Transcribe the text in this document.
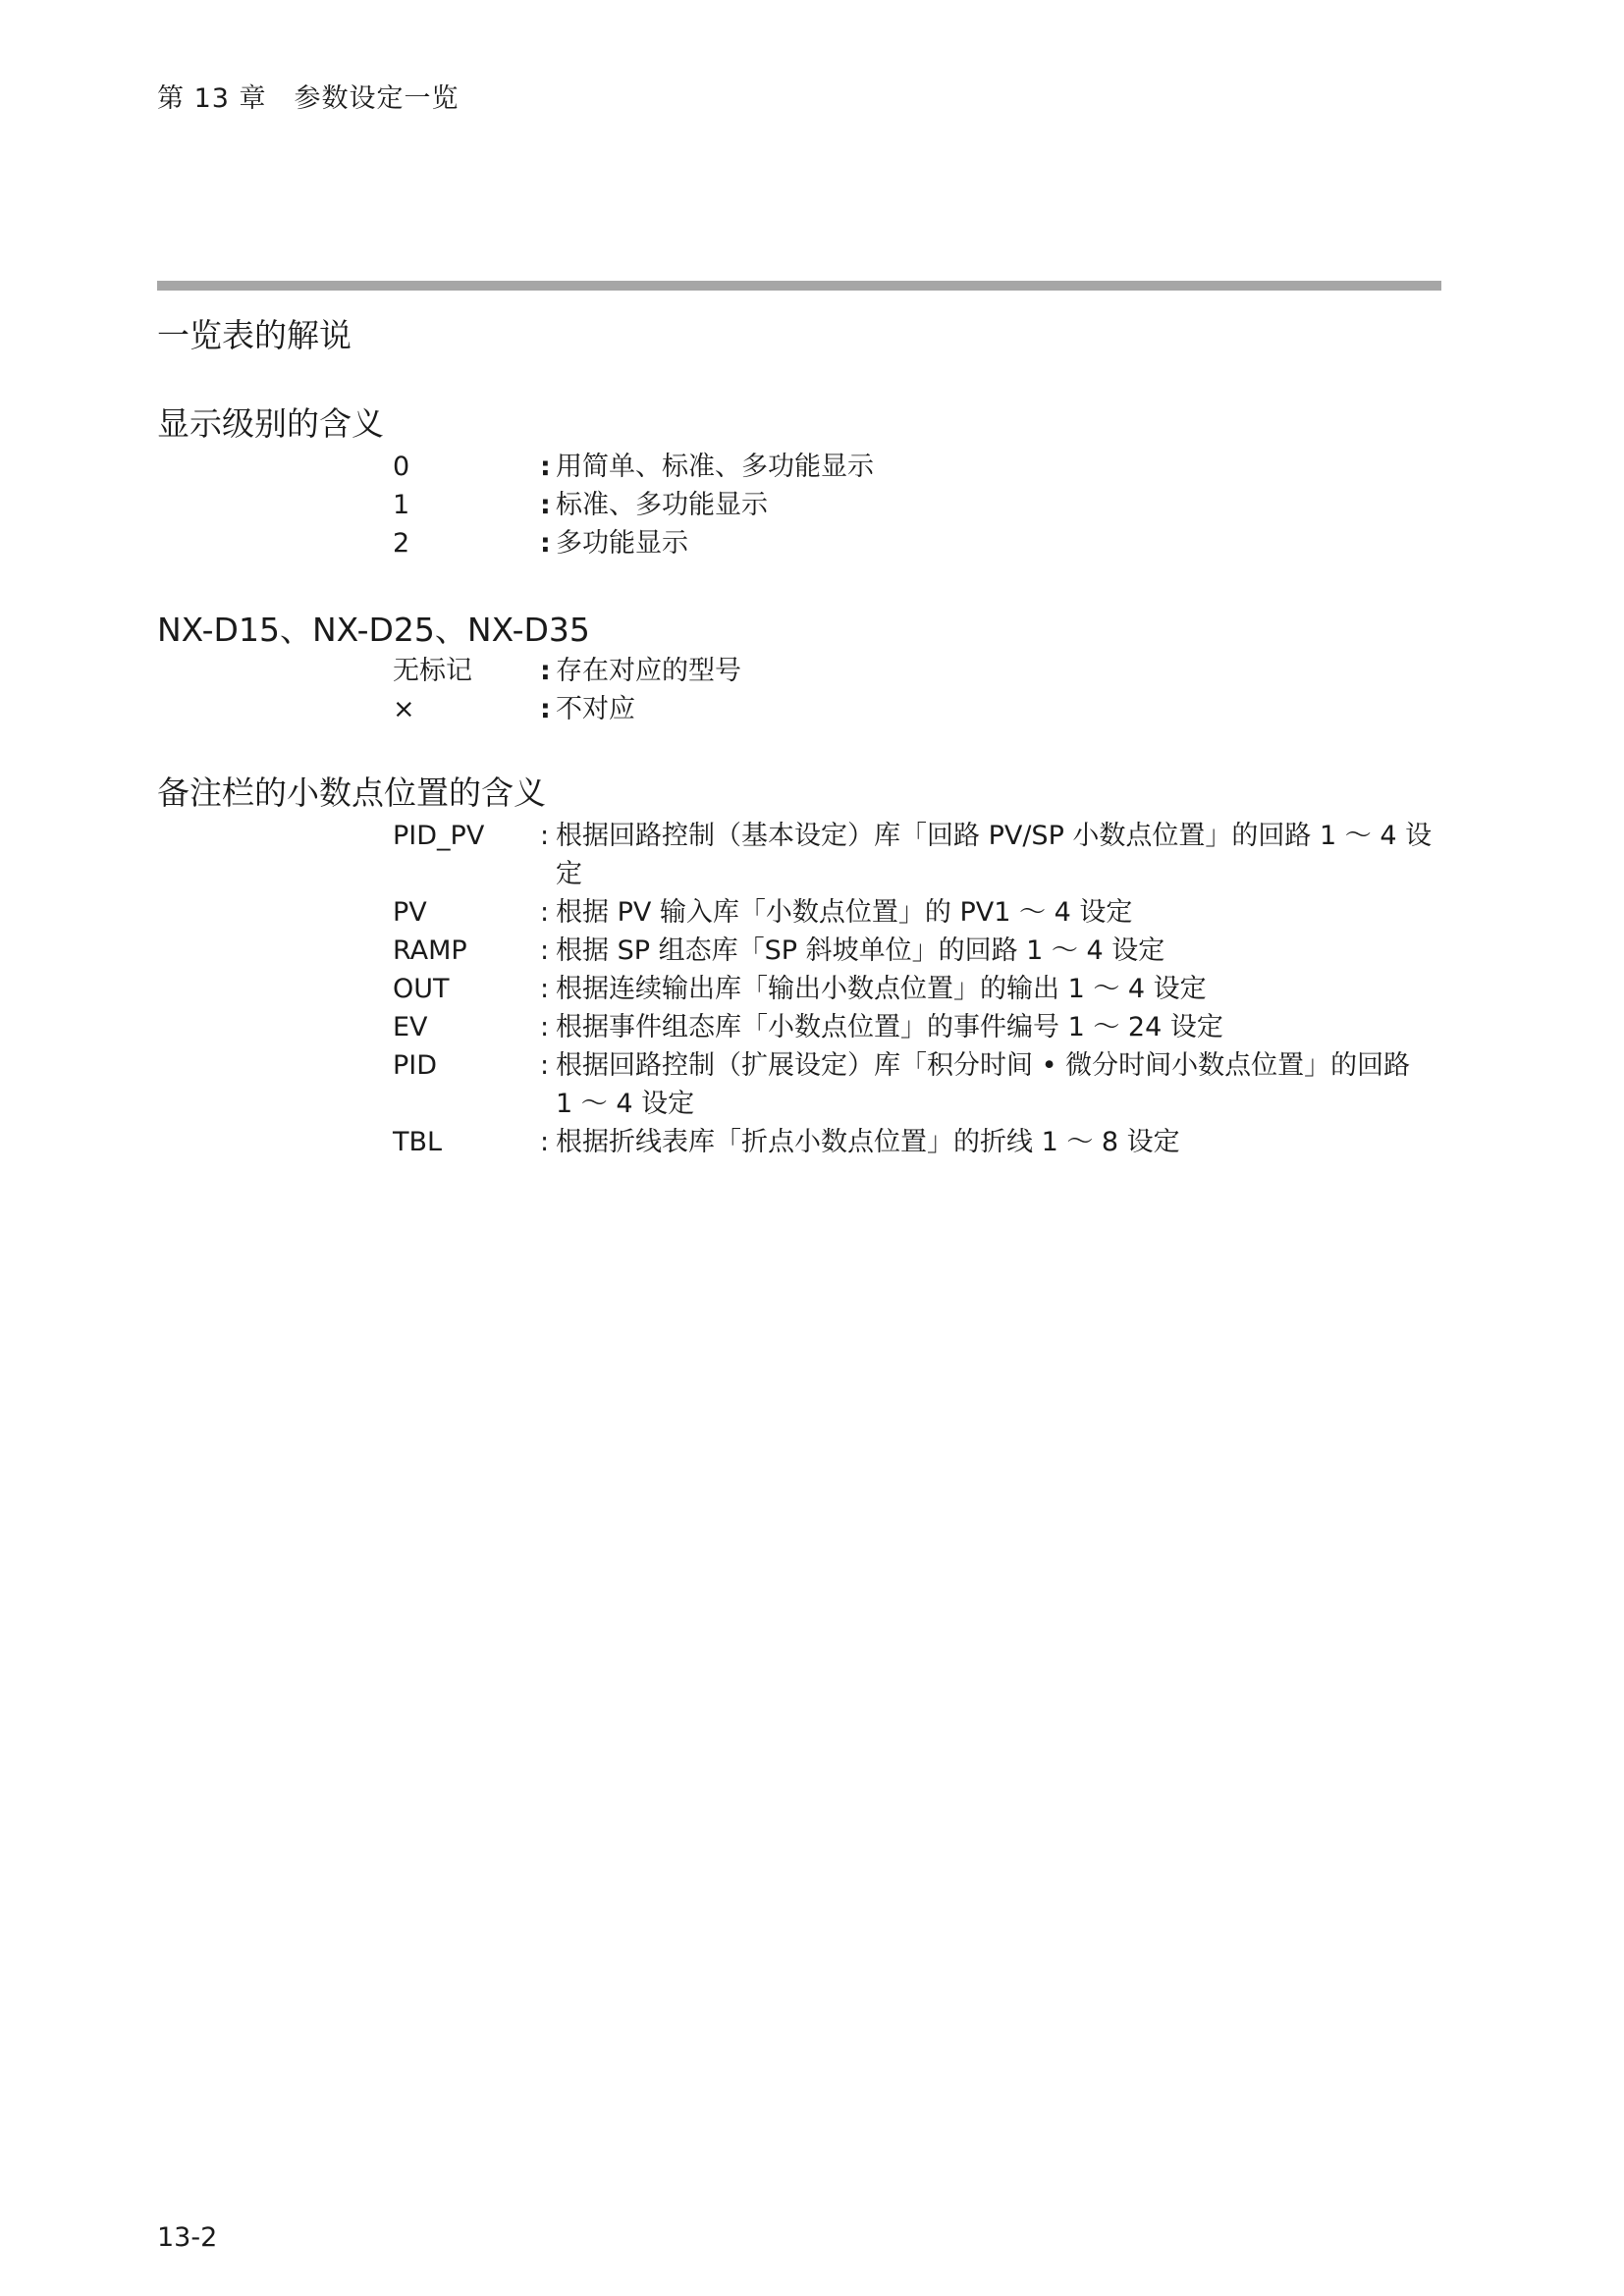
第 13 章　参数设定一览
一览表的解说
显示级别的含义
0	: 用简单、标准、多功能显示
1	: 标准、多功能显示
2	: 多功能显示
NX-D15、NX-D25、NX-D35
无标记	: 存在对应的型号
×	: 不对应
备注栏的小数点位置的含义
PID_PV	: 根据回路控制（基本设定）库「回路 PV/SP 小数点位置」的回路 1 ～ 4 设定
PV	: 根据 PV 输入库「小数点位置」的 PV1 ～ 4 设定
RAMP	: 根据 SP 组态库「SP 斜坡单位」的回路 1 ～ 4 设定
OUT	: 根据连续输出库「输出小数点位置」的输出 1 ～ 4 设定
EV	: 根据事件组态库「小数点位置」的事件编号 1 ～ 24 设定
PID	: 根据回路控制（扩展设定）库「积分时间 • 微分时间小数点位置」的回路
1 ～ 4 设定
TBL	: 根据折线表库「折点小数点位置」的折线 1 ～ 8 设定
13-2
